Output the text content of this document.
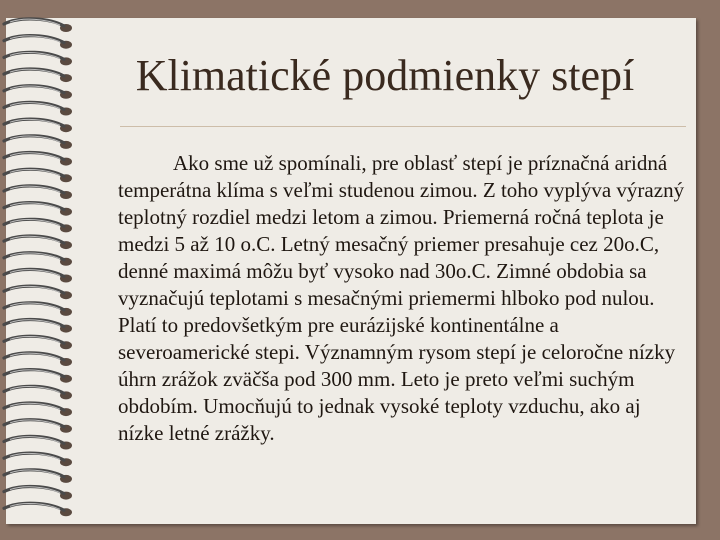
Klimatické podmienky stepí

Ako sme už spomínali, pre oblasť stepí je príznačná aridná temperátna klíma s veľmi studenou zimou. Z toho vyplýva výrazný teplotný rozdiel medzi letom a zimou. Priemerná ročná teplota je medzi 5 až 10 o.C. Letný mesačný priemer presahuje cez 20o.C, denné maximá môžu byť vysoko nad 30o.C. Zimné obdobia sa vyznačujú teplotami s mesačnými priemermi hlboko pod nulou. Platí to predovšetkým pre eurázijské kontinentálne a severoamerické stepi. Významným rysom stepí je celoročne nízky úhrn zrážok zväčša pod 300 mm. Leto je preto veľmi suchým obdobím. Umocňujú to jednak vysoké teploty vzduchu, ako aj nízke letné zrážky.
